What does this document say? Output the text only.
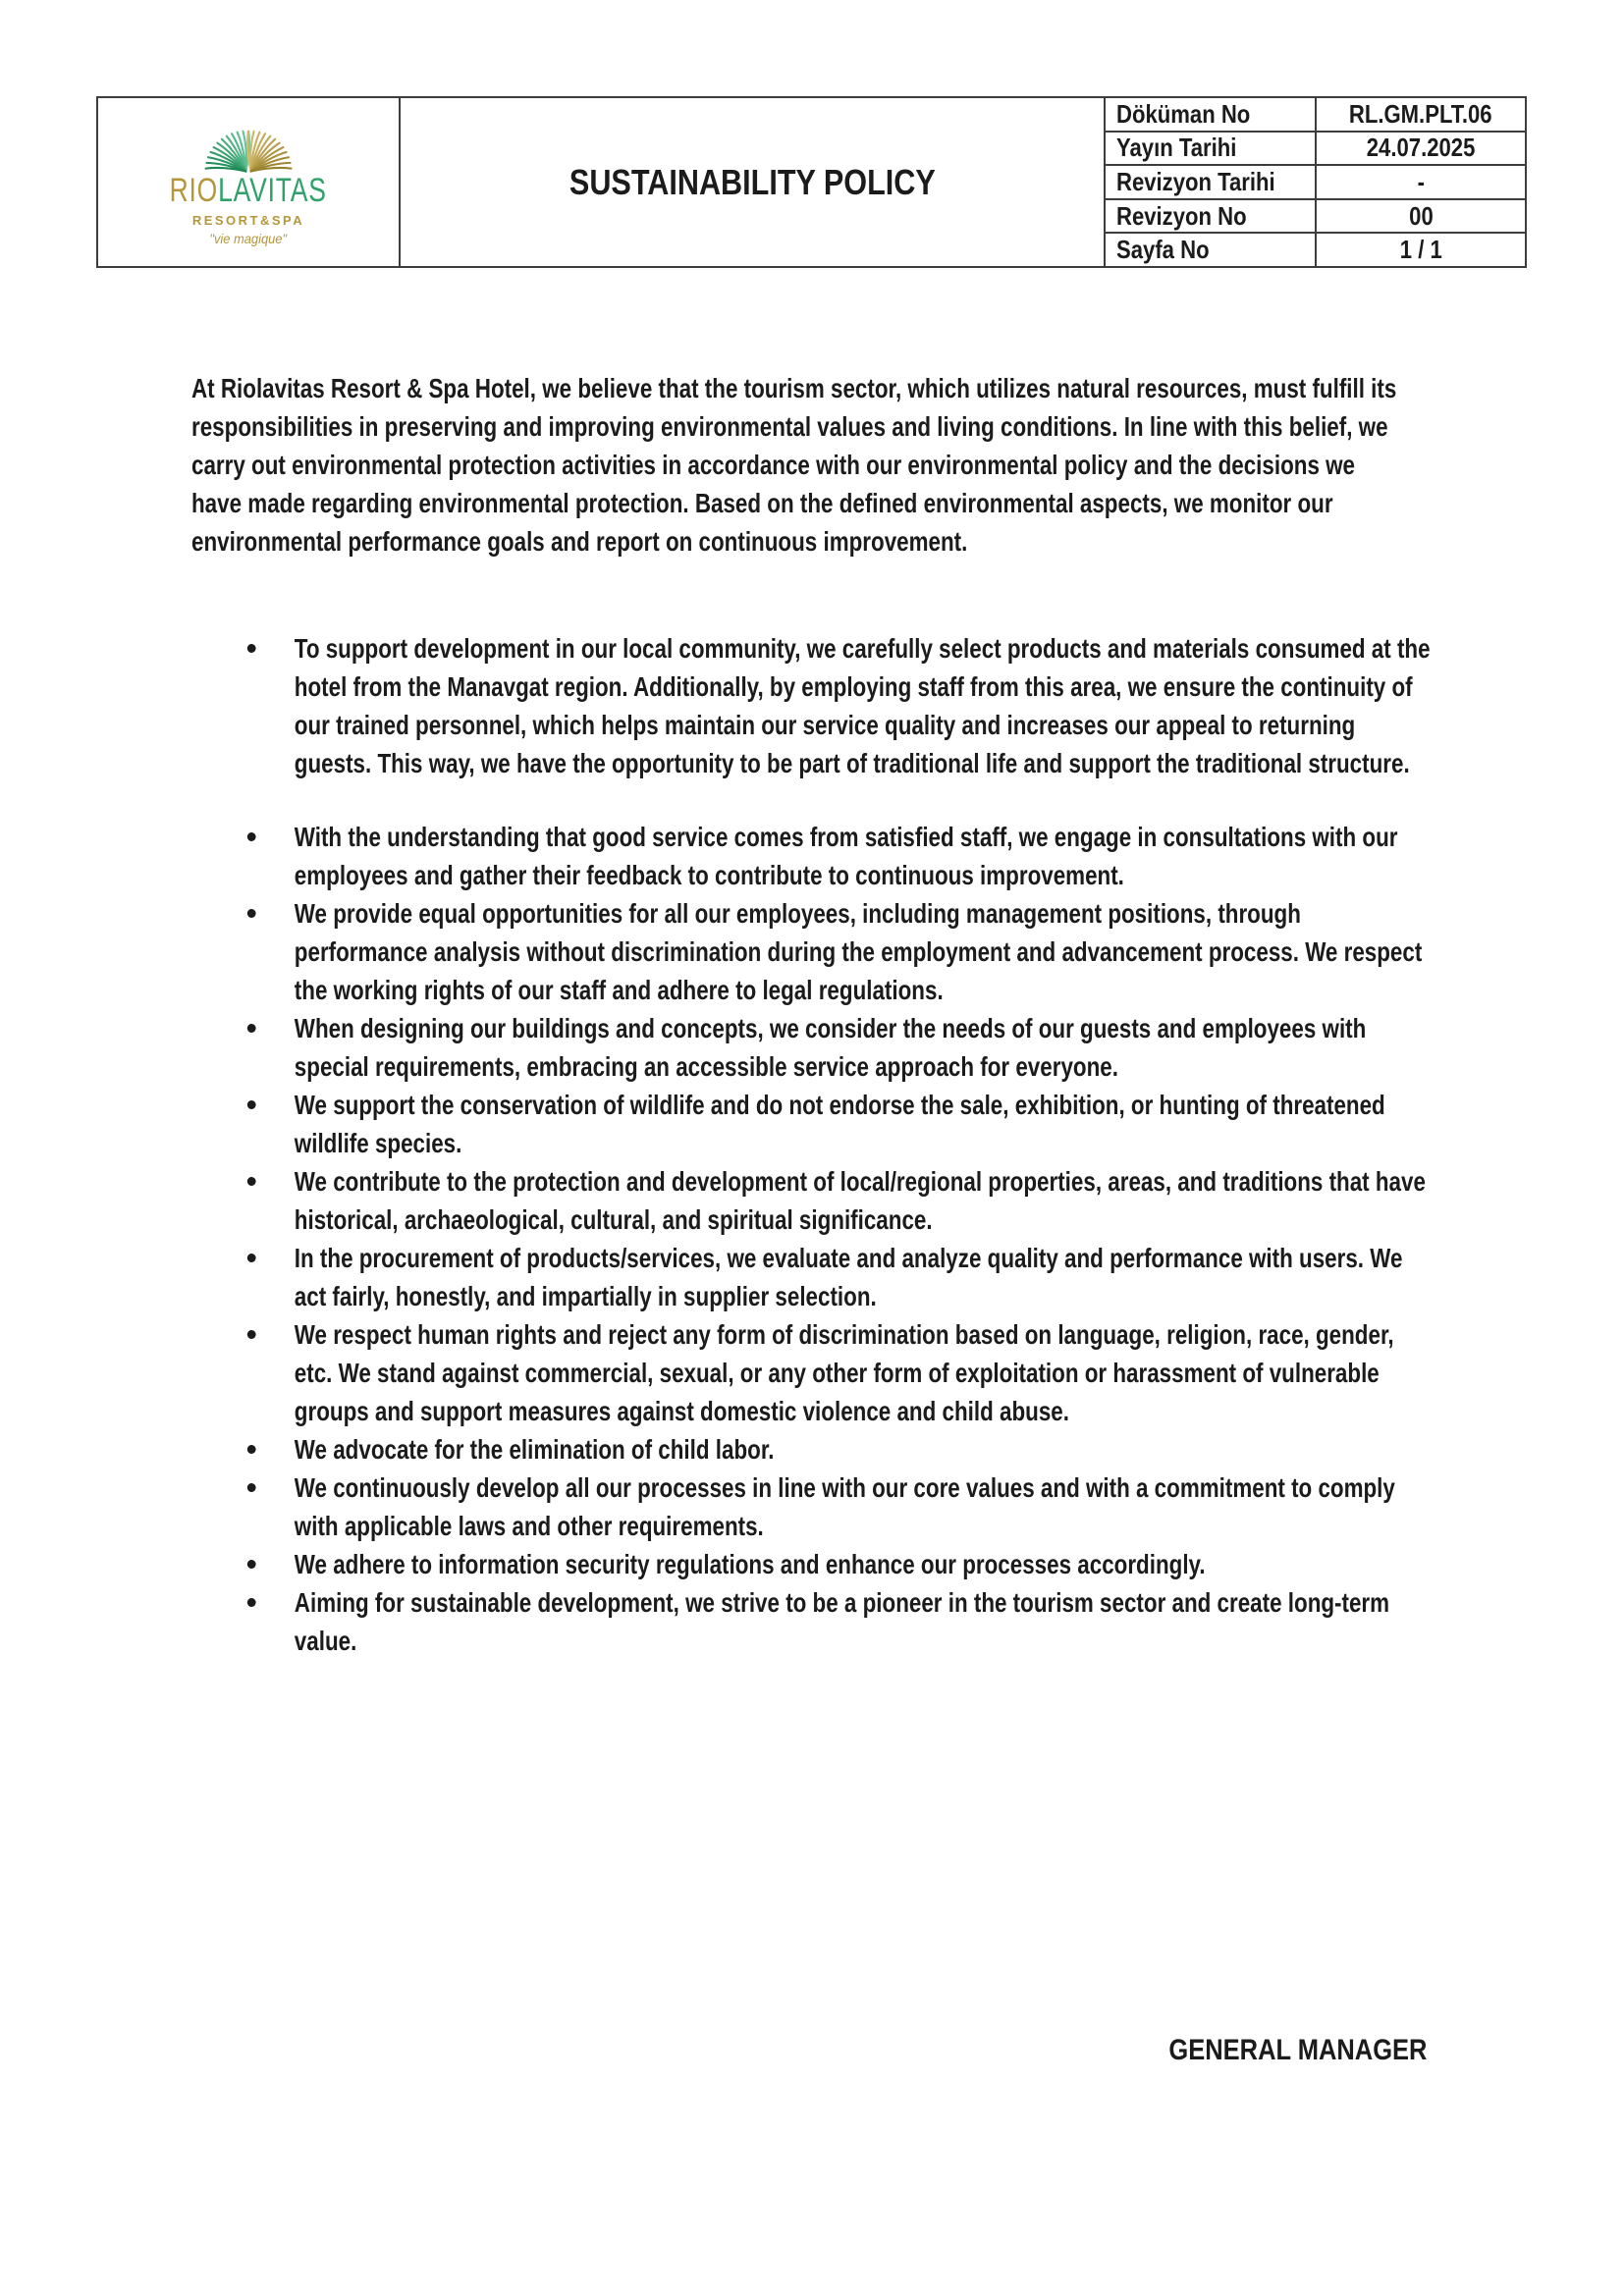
RIOLAVITAS
RESORT&SPA
"vie magique"
SUSTAINABILITY POLICY
Döküman No	RL.GM.PLT.06
Yayın Tarihi	24.07.2025
Revizyon Tarihi	-
Revizyon No	00
Sayfa No	1 / 1

At Riolavitas Resort & Spa Hotel, we believe that the tourism sector, which utilizes natural resources, must fulfill its responsibilities in preserving and improving environmental values and living conditions. In line with this belief, we carry out environmental protection activities in accordance with our environmental policy and the decisions we have made regarding environmental protection. Based on the defined environmental aspects, we monitor our environmental performance goals and report on continuous improvement.

To support development in our local community, we carefully select products and materials consumed at the hotel from the Manavgat region. Additionally, by employing staff from this area, we ensure the continuity of our trained personnel, which helps maintain our service quality and increases our appeal to returning guests. This way, we have the opportunity to be part of traditional life and support the traditional structure.
With the understanding that good service comes from satisfied staff, we engage in consultations with our employees and gather their feedback to contribute to continuous improvement.
We provide equal opportunities for all our employees, including management positions, through performance analysis without discrimination during the employment and advancement process. We respect the working rights of our staff and adhere to legal regulations.
When designing our buildings and concepts, we consider the needs of our guests and employees with special requirements, embracing an accessible service approach for everyone.
We support the conservation of wildlife and do not endorse the sale, exhibition, or hunting of threatened wildlife species.
We contribute to the protection and development of local/regional properties, areas, and traditions that have historical, archaeological, cultural, and spiritual significance.
In the procurement of products/services, we evaluate and analyze quality and performance with users. We act fairly, honestly, and impartially in supplier selection.
We respect human rights and reject any form of discrimination based on language, religion, race, gender, etc. We stand against commercial, sexual, or any other form of exploitation or harassment of vulnerable groups and support measures against domestic violence and child abuse.
We advocate for the elimination of child labor.
We continuously develop all our processes in line with our core values and with a commitment to comply with applicable laws and other requirements.
We adhere to information security regulations and enhance our processes accordingly.
Aiming for sustainable development, we strive to be a pioneer in the tourism sector and create long-term value.
GENERAL MANAGER
